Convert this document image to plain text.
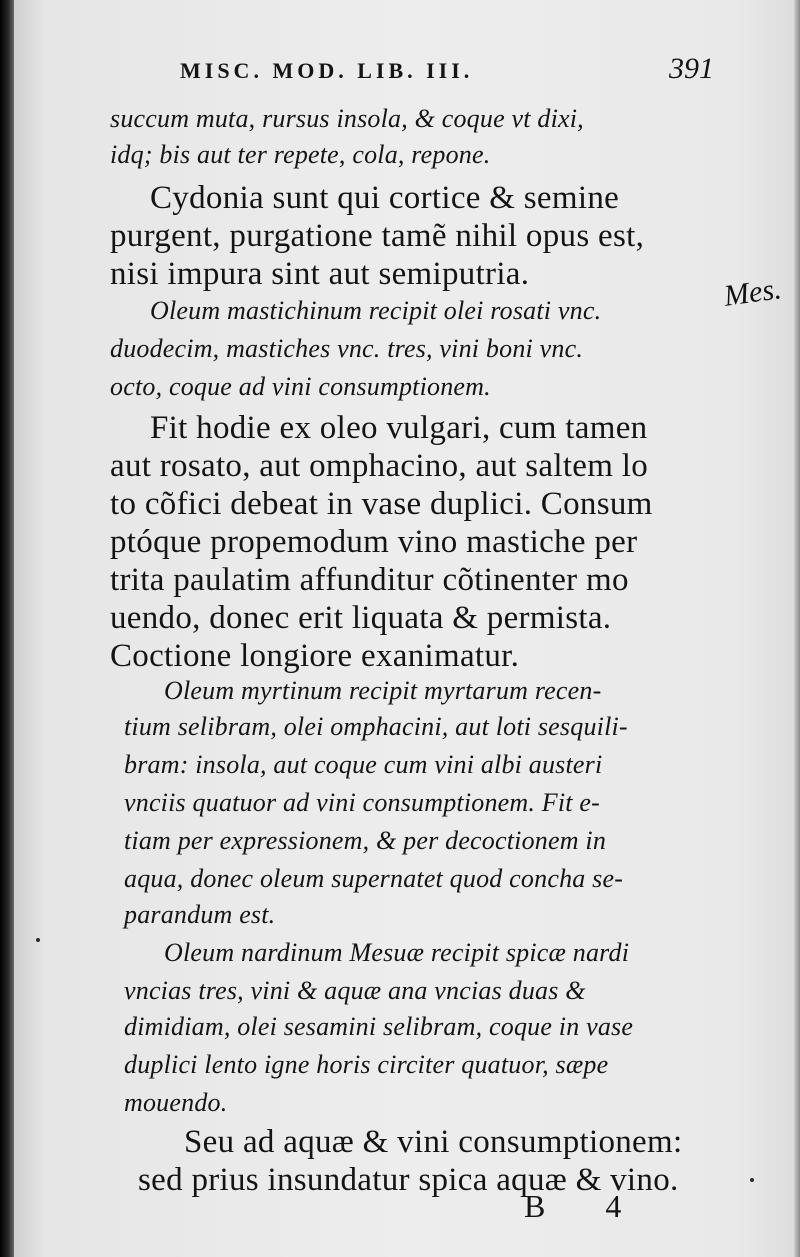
MISC. MOD. LIB. III.	391
Mes.
succum muta, rursus insola, & coque vt dixi,
idq; bis aut ter repete, cola, repone.
Cydonia sunt qui cortice & semine
purgent, purgatione tamẽ nihil opus est,
nisi impura sint aut semiputria.
Oleum mastichinum recipit olei rosati vnc.
duodecim, mastiches vnc. tres, vini boni vnc.
octo, coque ad vini consumptionem.
Fit hodie ex oleo vulgari, cum tamen
aut rosato, aut omphacino, aut saltem lo
to cõfici debeat in vase duplici. Consum
ptóque propemodum vino mastiche per
trita paulatim affunditur cõtinenter mo
uendo, donec erit liquata & permista.
Coctione longiore exanimatur.
Oleum myrtinum recipit myrtarum recen-
tium selibram, olei omphacini, aut loti sesquili-
bram: insola, aut coque cum vini albi austeri
vnciis quatuor ad vini consumptionem. Fit e-
tiam per expressionem, & per decoctionem in
aqua, donec oleum supernatet quod concha se-
parandum est.
Oleum nardinum Mesuæ recipit spicæ nardi
vncias tres, vini & aquæ ana vncias duas &
dimidiam, olei sesamini selibram, coque in vase
duplici lento igne horis circiter quatuor, sæpe
mouendo.
Seu ad aquæ & vini consumptionem:
sed prius insundatur spica aquæ & vino.
B 4
